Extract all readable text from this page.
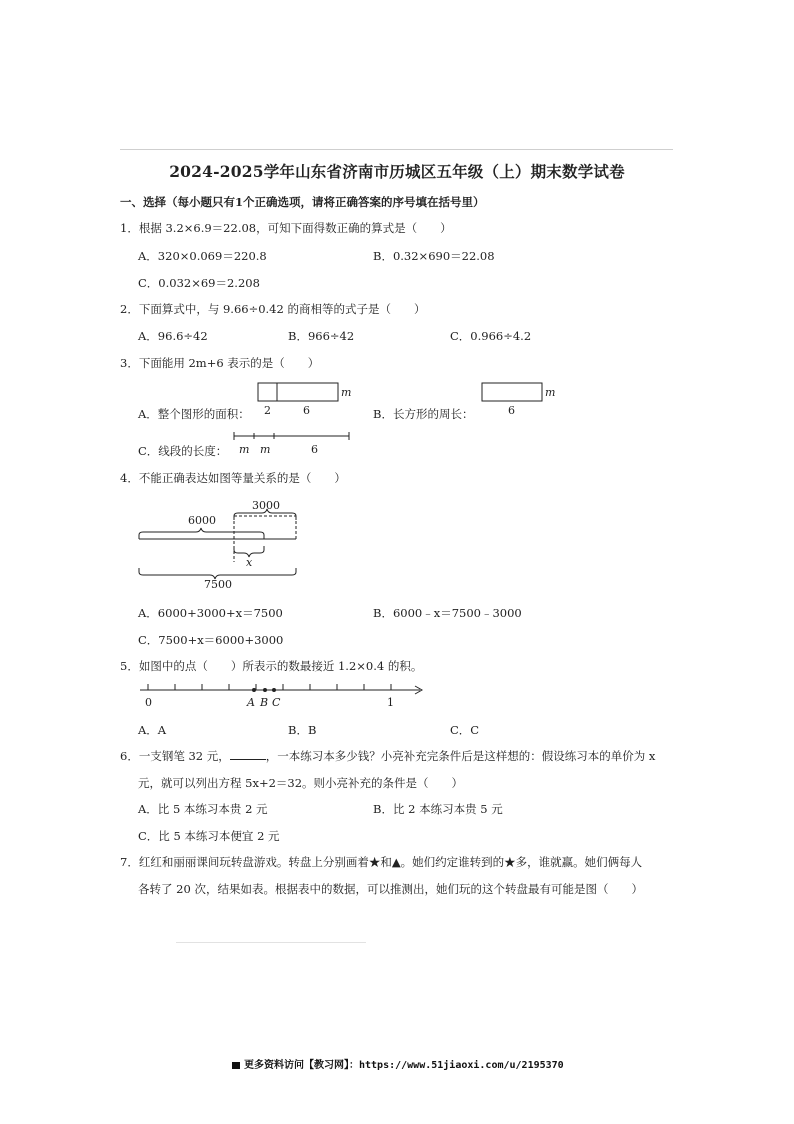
2024-2025学年山东省济南市历城区五年级（上）期末数学试卷
一、选择（每小题只有1个正确选项，请将正确答案的序号填在括号里）
1．根据 3.2×6.9＝22.08，可知下面得数正确的算式是（　　）
A．320×0.069＝220.8	B．0.32×690＝22.08
C．0.032×69＝2.208
2．下面算式中，与 9.66÷0.42 的商相等的式子是（　　）
A．96.6÷42	B．966÷42	C．0.966÷4.2
3．下面能用 2m+6 表示的是（　　）
A．整个图形的面积： 2	6
m
B．长方形的周长：	6
m
C．线段的长度： m m	6
4．不能正确表达如图等量关系的是（　　）
3000
6000
x
7500
A．6000+3000+x＝7500	B．6000﹣x＝7500﹣3000
C．7500+x＝6000+3000
5．如图中的点（　　）所表示的数最接近 1.2×0.4 的积。
0	A B C	1
A．A	B．B	C．C
6．一支钢笔 32 元，	，一本练习本多少钱？小亮补充完条件后是这样想的：假设练习本的单价为 x
元，就可以列出方程 5x+2＝32。则小亮补充的条件是（　　）
A．比 5 本练习本贵 2 元	B．比 2 本练习本贵 5 元
C．比 5 本练习本便宜 2 元
7．红红和丽丽课间玩转盘游戏。转盘上分别画着★和▲。她们约定谁转到的★多，谁就赢。她们俩每人
各转了 20 次，结果如表。根据表中的数据，可以推测出，她们玩的这个转盘最有可能是图（　　）
更多资料访问【教习网】：https://www.51jiaoxi.com/u/2195370
